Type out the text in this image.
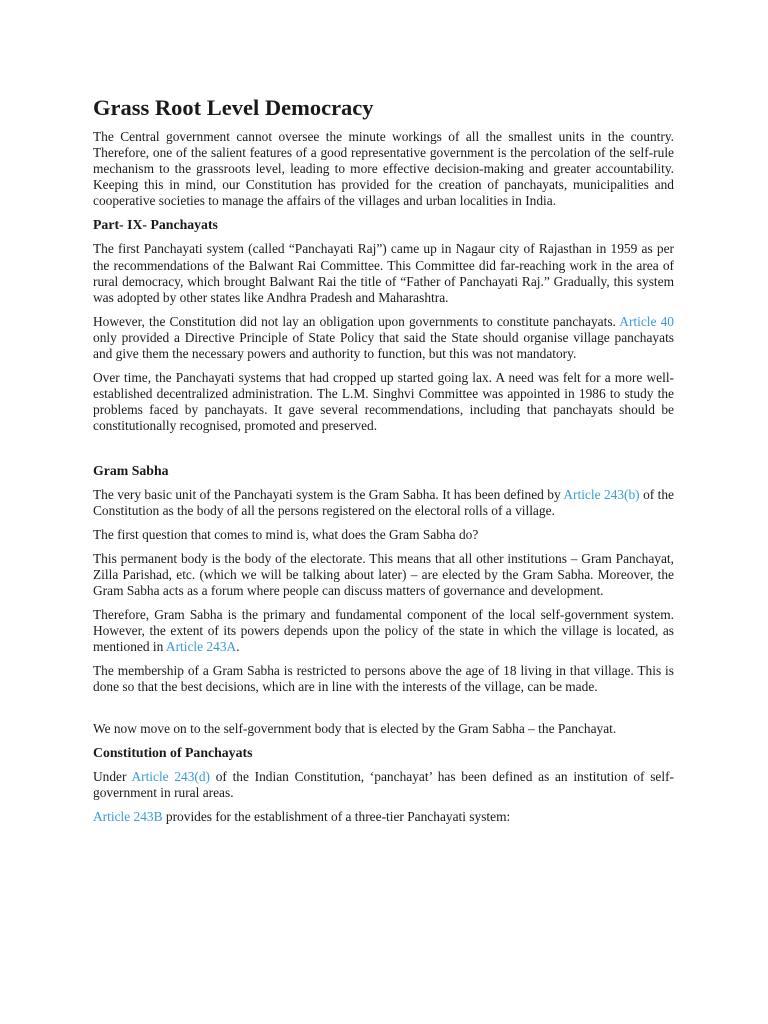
Grass Root Level Democracy

The Central government cannot oversee the minute workings of all the smallest units in the country. Therefore, one of the salient features of a good representative government is the percolation of the self-rule mechanism to the grassroots level, leading to more effective decision-making and greater accountability. Keeping this in mind, our Constitution has provided for the creation of panchayats, municipalities and cooperative societies to manage the affairs of the villages and urban localities in India.

Part- IX- Panchayats

The first Panchayati system (called “Panchayati Raj”) came up in Nagaur city of Rajasthan in 1959 as per the recommendations of the Balwant Rai Committee. This Committee did far-reaching work in the area of rural democracy, which brought Balwant Rai the title of “Father of Panchayati Raj.” Gradually, this system was adopted by other states like Andhra Pradesh and Maharashtra.

However, the Constitution did not lay an obligation upon governments to constitute panchayats. Article 40 only provided a Directive Principle of State Policy that said the State should organise village panchayats and give them the necessary powers and authority to function, but this was not mandatory.

Over time, the Panchayati systems that had cropped up started going lax. A need was felt for a more well-established decentralized administration. The L.M. Singhvi Committee was appointed in 1986 to study the problems faced by panchayats. It gave several recommendations, including that panchayats should be constitutionally recognised, promoted and preserved.

Gram Sabha

The very basic unit of the Panchayati system is the Gram Sabha. It has been defined by Article 243(b) of the Constitution as the body of all the persons registered on the electoral rolls of a village.

The first question that comes to mind is, what does the Gram Sabha do?

This permanent body is the body of the electorate. This means that all other institutions – Gram Panchayat, Zilla Parishad, etc. (which we will be talking about later) – are elected by the Gram Sabha. Moreover, the Gram Sabha acts as a forum where people can discuss matters of governance and development.

Therefore, Gram Sabha is the primary and fundamental component of the local self-government system. However, the extent of its powers depends upon the policy of the state in which the village is located, as mentioned in Article 243A.

The membership of a Gram Sabha is restricted to persons above the age of 18 living in that village. This is done so that the best decisions, which are in line with the interests of the village, can be made.

We now move on to the self-government body that is elected by the Gram Sabha – the Panchayat.

Constitution of Panchayats

Under Article 243(d) of the Indian Constitution, ‘panchayat’ has been defined as an institution of self-government in rural areas.

Article 243B provides for the establishment of a three-tier Panchayati system:
